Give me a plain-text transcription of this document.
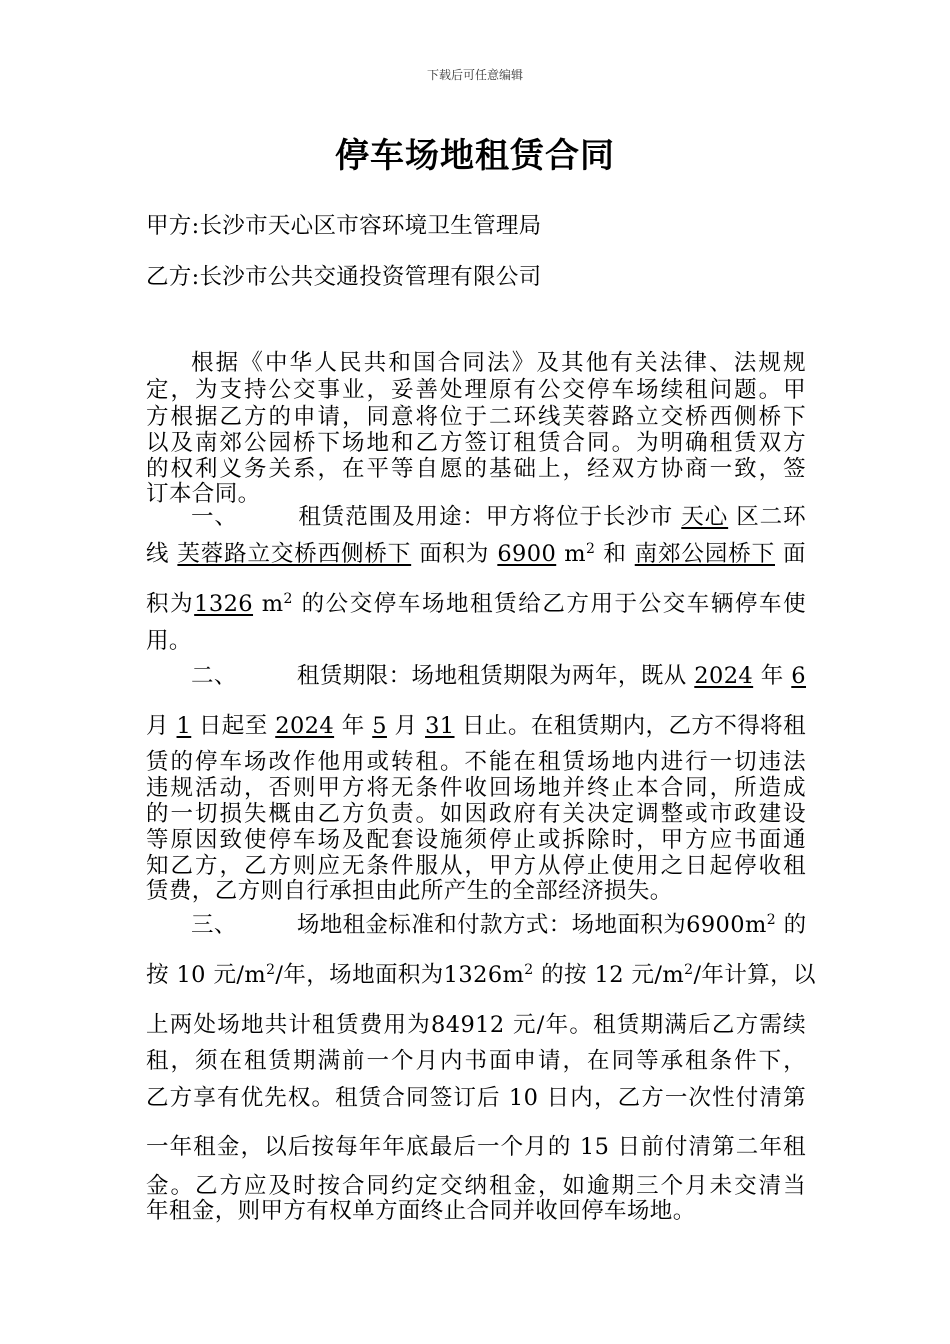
下载后可任意编辑
停车场地租赁合同
甲方:长沙市天心区市容环境卫生管理局
乙方:长沙市公共交通投资管理有限公司
根据《中华人民共和国合同法》及其他有关法律、法规规
定，为支持公交事业，妥善处理原有公交停车场续租问题。甲
方根据乙方的申请，同意将位于二环线芙蓉路立交桥西侧桥下
以及南郊公园桥下场地和乙方签订租赁合同。为明确租赁双方
的权利义务关系，在平等自愿的基础上，经双方协商一致，签
订本合同。
一、	租赁范围及用途：甲方将位于长沙市 天心 区二环
线 芙蓉路立交桥西侧桥下 面积为 6900 $m^2$ 和 南郊公园桥下 面
积为1326 $m^2$ 的公交停车场地租赁给乙方用于公交车辆停车使
用。
二、	租赁期限：场地租赁期限为两年，既从 2024 年 6
月 1 日起至 2024 年 5 月 31 日止。在租赁期内，乙方不得将租
赁的停车场改作他用或转租。不能在租赁场地内进行一切违法
违规活动，否则甲方将无条件收回场地并终止本合同，所造成
的一切损失概由乙方负责。如因政府有关决定调整或市政建设
等原因致使停车场及配套设施须停止或拆除时，甲方应书面通
知乙方，乙方则应无条件服从，甲方从停止使用之日起停收租
赁费，乙方则自行承担由此所产生的全部经济损失。
三、	场地租金标准和付款方式：场地面积为$6900m^2$ 的
按 10 元$/m^2/$年，场地面积为$1326m^2$ 的按 12 元$/m^2/$年计算，以
上两处场地共计租赁费用为84912 元/年。租赁期满后乙方需续
租，须在租赁期满前一个月内书面申请，在同等承租条件下，
乙方享有优先权。租赁合同签订后 10 日内，乙方一次性付清第
一年租金，以后按每年年底最后一个月的 15 日前付清第二年租
金。乙方应及时按合同约定交纳租金，如逾期三个月未交清当
年租金，则甲方有权单方面终止合同并收回停车场地。
